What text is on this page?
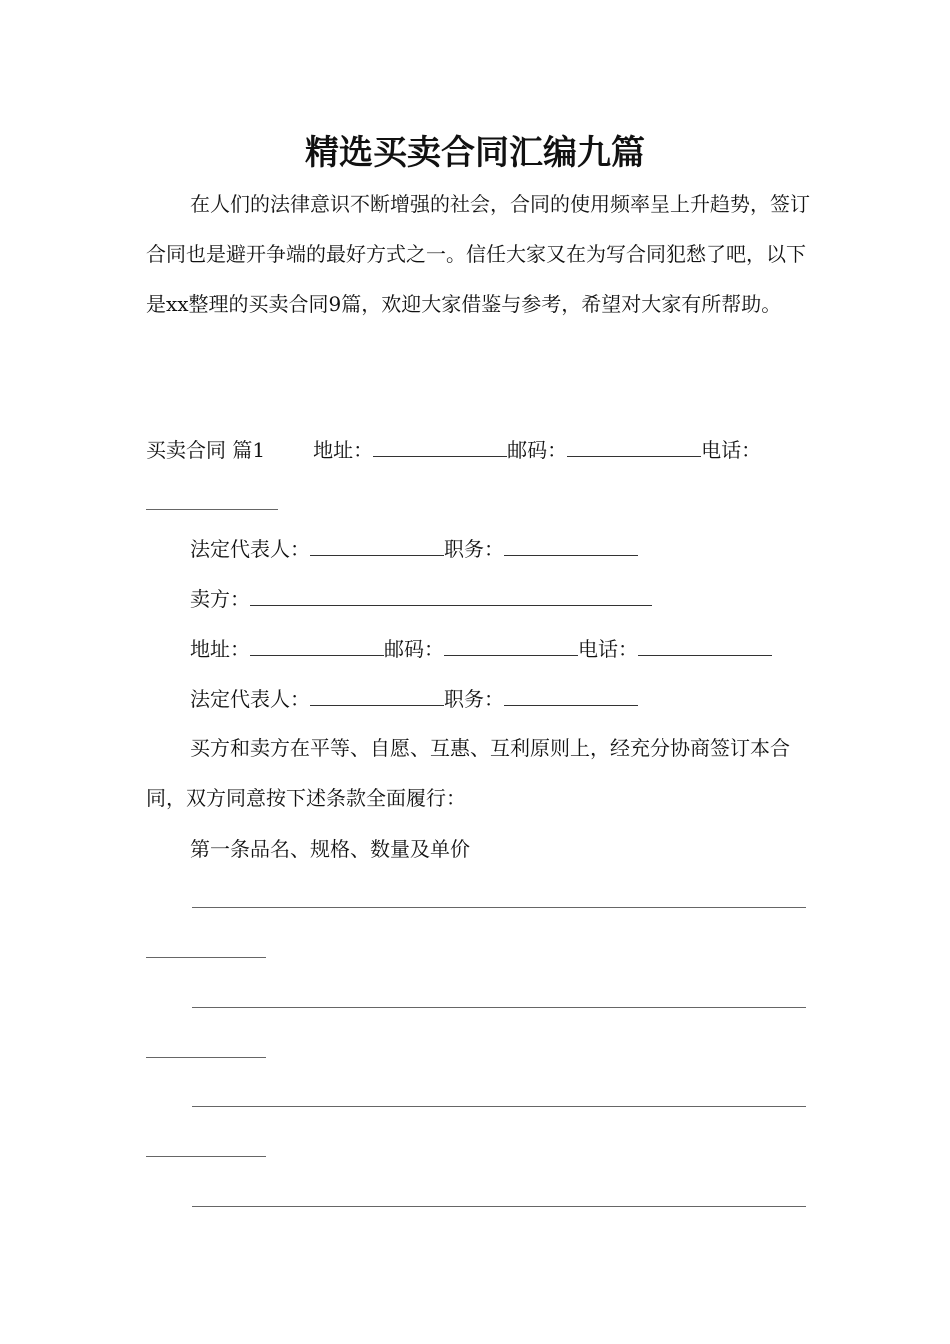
精选买卖合同汇编九篇

在人们的法律意识不断增强的社会，合同的使用频率呈上升趋势，签订合同也是避开争端的最好方式之一。信任大家又在为写合同犯愁了吧，以下是xx整理的买卖合同9篇，欢迎大家借鉴与参考，希望对大家有所帮助。

买卖合同 篇1 地址：	邮码：	电话：
法定代表人：	职务：
卖方：
地址：	邮码：	电话：
法定代表人：	职务：

买方和卖方在平等、自愿、互惠、互利原则上，经充分协商签订本合同，双方同意按下述条款全面履行：

第一条品名、规格、数量及单价
